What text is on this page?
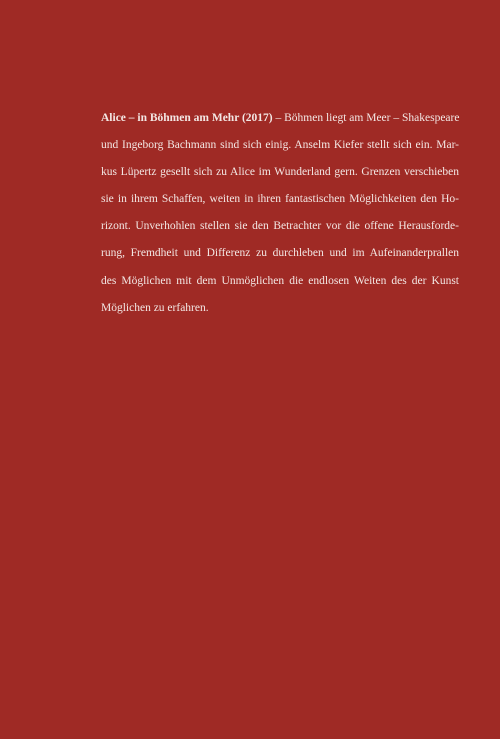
Alice – in Böhmen am Mehr (2017) – Böhmen liegt am Meer – Shakespeare
und Ingeborg Bachmann sind sich einig. Anselm Kiefer stellt sich ein. Mar-
kus Lüpertz gesellt sich zu Alice im Wunderland gern. Grenzen verschieben
sie in ihrem Schaffen, weiten in ihren fantastischen Möglichkeiten den Ho-
rizont. Unverhohlen stellen sie den Betrachter vor die offene Herausforde-
rung, Fremdheit und Differenz zu durchleben und im Aufeinanderprallen
des Möglichen mit dem Unmöglichen die endlosen Weiten des der Kunst
Möglichen zu erfahren.
